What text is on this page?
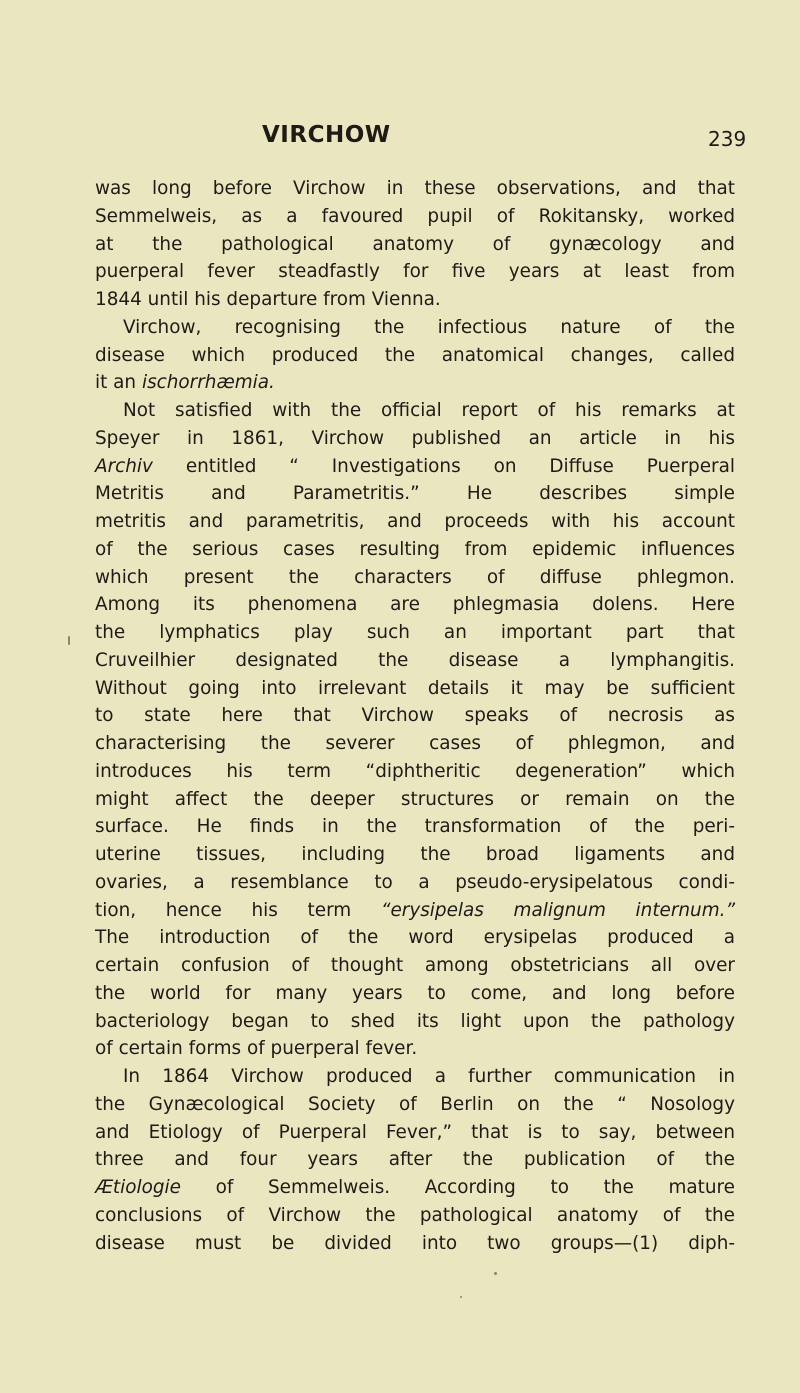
VIRCHOW	239
was long before Virchow in these observations, and that
Semmelweis, as a favoured pupil of Rokitansky, worked
at the pathological anatomy of gynæcology and
puerperal fever steadfastly for five years at least from
1844 until his departure from Vienna.
Virchow, recognising the infectious nature of the
disease which produced the anatomical changes, called
it an ischorrhæmia.
Not satisfied with the official report of his remarks at
Speyer in 1861, Virchow published an article in his
Archiv entitled “ Investigations on Diffuse Puerperal
Metritis and Parametritis.” He describes simple
metritis and parametritis, and proceeds with his account
of the serious cases resulting from epidemic influences
which present the characters of diffuse phlegmon.
Among its phenomena are phlegmasia dolens. Here
the lymphatics play such an important part that
Cruveilhier designated the disease a lymphangitis.
Without going into irrelevant details it may be sufficient
to state here that Virchow speaks of necrosis as
characterising the severer cases of phlegmon, and
introduces his term “diphtheritic degeneration” which
might affect the deeper structures or remain on the
surface. He finds in the transformation of the peri-
uterine tissues, including the broad ligaments and
ovaries, a resemblance to a pseudo-erysipelatous condi-
tion, hence his term “erysipelas malignum internum.”
The introduction of the word erysipelas produced a
certain confusion of thought among obstetricians all over
the world for many years to come, and long before
bacteriology began to shed its light upon the pathology
of certain forms of puerperal fever.
In 1864 Virchow produced a further communication in
the Gynæcological Society of Berlin on the “ Nosology
and Etiology of Puerperal Fever,” that is to say, between
three and four years after the publication of the
Ætiologie of Semmelweis. According to the mature
conclusions of Virchow the pathological anatomy of the
disease must be divided into two groups—(1) diph-
